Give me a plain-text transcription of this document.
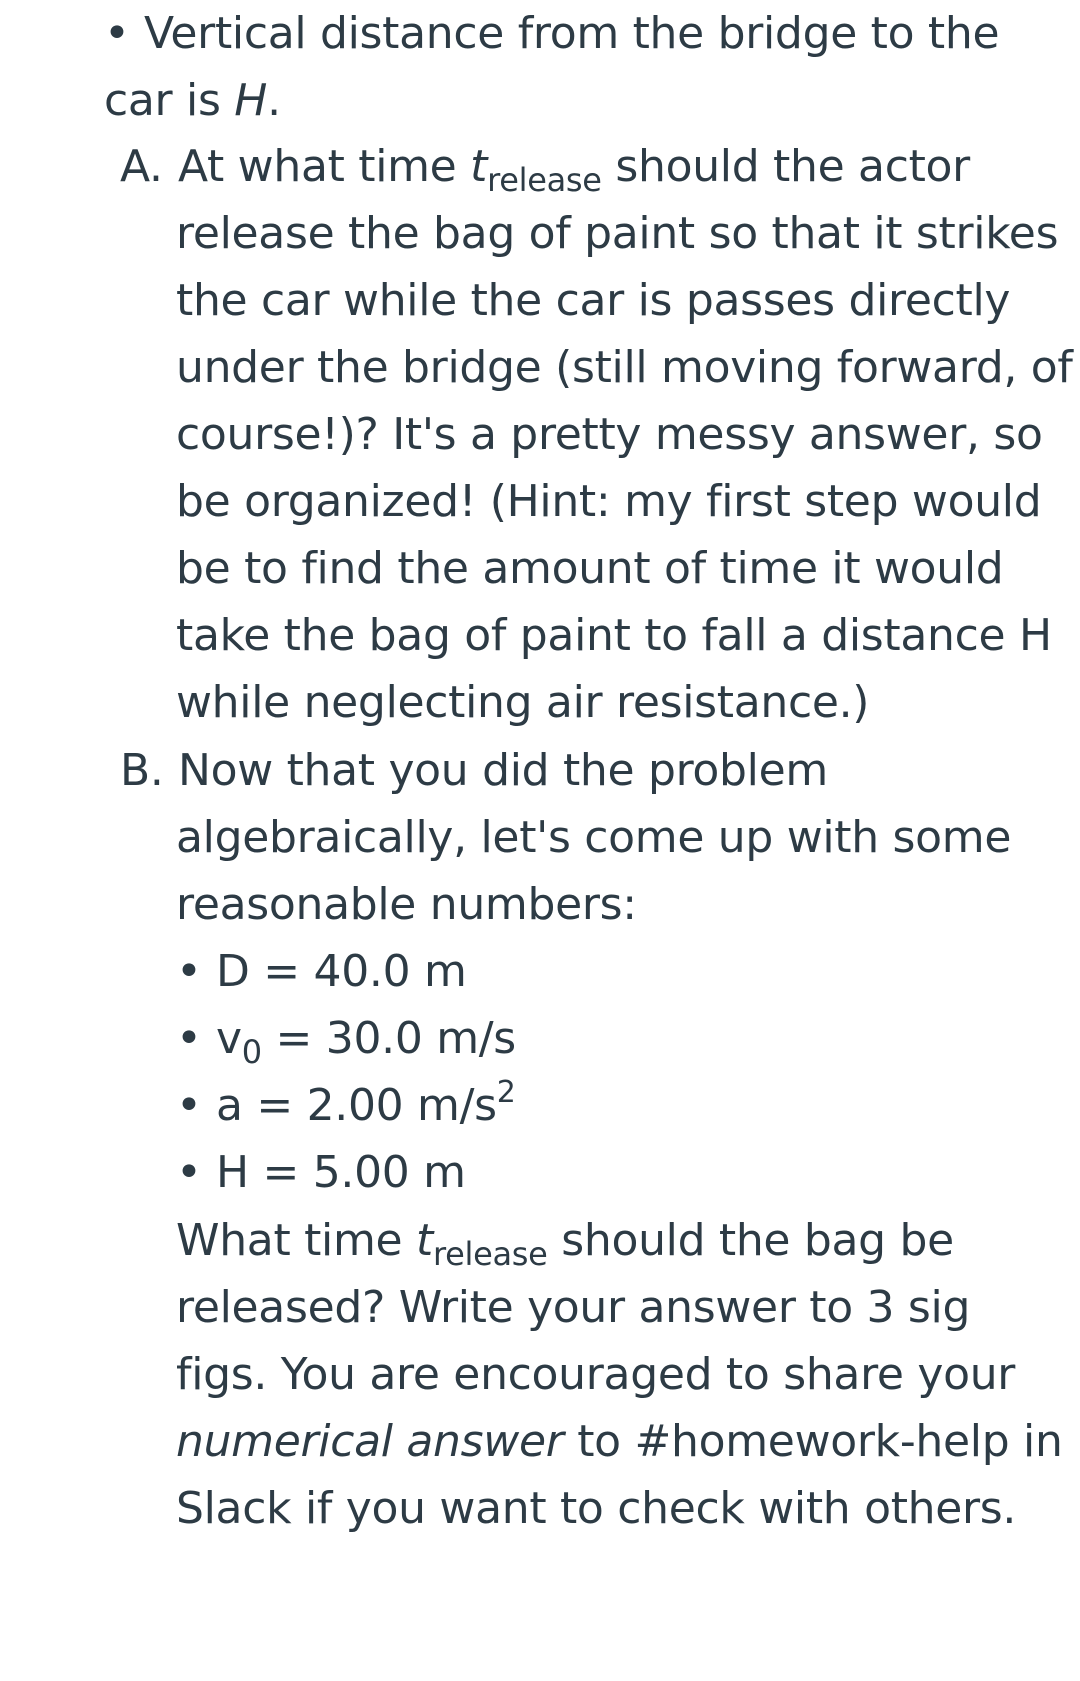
• Vertical distance from the bridge to the
car is H.
A. At what time $t_{release}$ should the actor
release the bag of paint so that it strikes
the car while the car is passes directly
under the bridge (still moving forward, of
course!)? It's a pretty messy answer, so
be organized! (Hint: my first step would
be to find the amount of time it would
take the bag of paint to fall a distance H
while neglecting air resistance.)
B. Now that you did the problem
algebraically, let's come up with some
reasonable numbers:
• D = 40.0 m
• $v_0 = 30.0$ m/s
• a = 2.00 $m/s^2$
• H = 5.00 m
What time $t_{release}$ should the bag be
released? Write your answer to 3 sig
figs. You are encouraged to share your
numerical answer to #homework-help in
Slack if you want to check with others.
